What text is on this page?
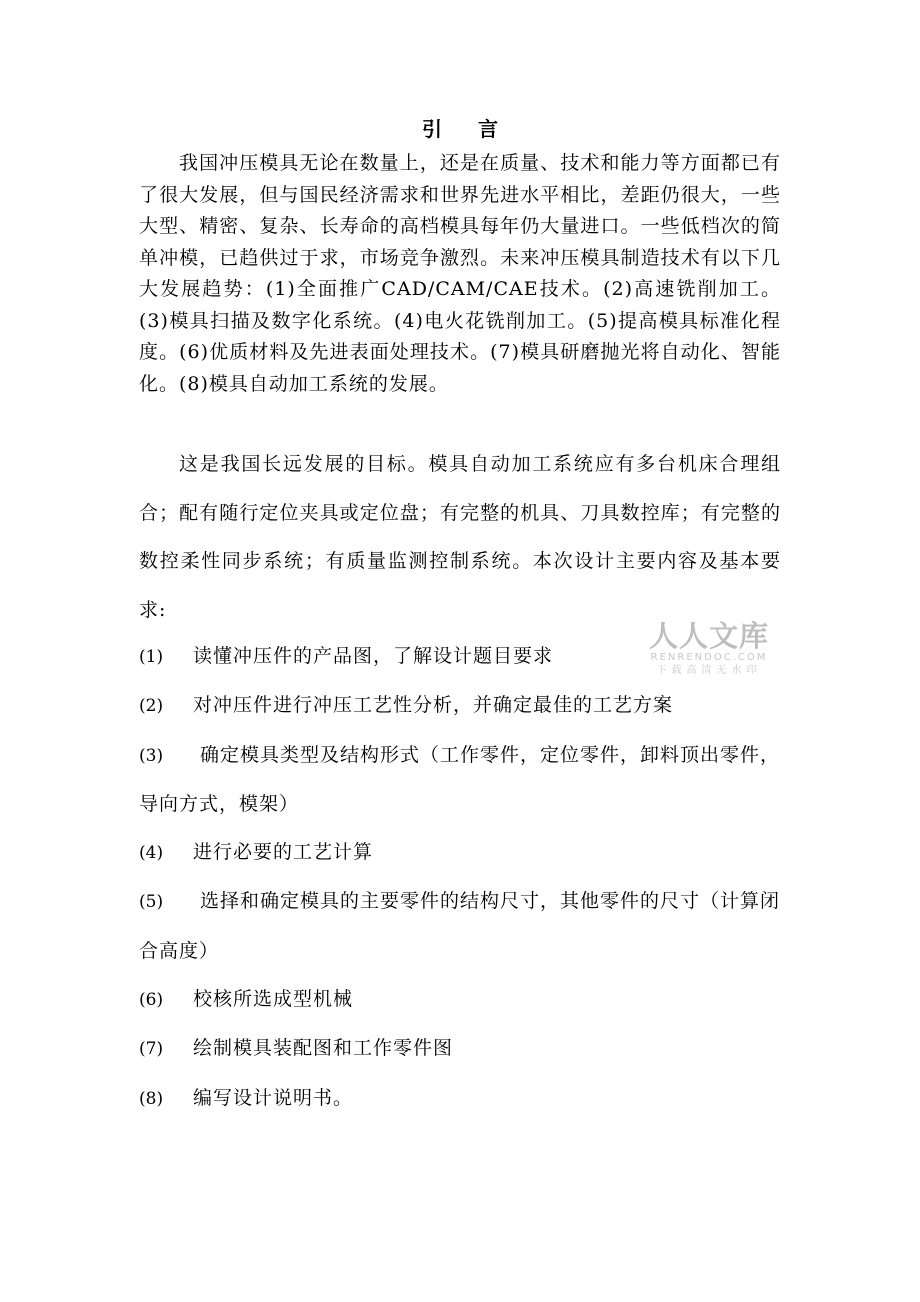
引 言

我国冲压模具无论在数量上，还是在质量、技术和能力等方面都已有了很大发展，但与国民经济需求和世界先进水平相比，差距仍很大，一些大型、精密、复杂、长寿命的高档模具每年仍大量进口。一些低档次的简单冲模，已趋供过于求，市场竞争激烈。未来冲压模具制造技术有以下几大发展趋势：(1)全面推广CAD/CAM/CAE技术。(2)高速铣削加工。(3)模具扫描及数字化系统。(4)电火花铣削加工。(5)提高模具标准化程度。(6)优质材料及先进表面处理技术。(7)模具研磨抛光将自动化、智能化。(8)模具自动加工系统的发展。

这是我国长远发展的目标。模具自动加工系统应有多台机床合理组合；配有随行定位夹具或定位盘；有完整的机具、刀具数控库；有完整的数控柔性同步系统；有质量监测控制系统。本次设计主要内容及基本要求:

(1) 读懂冲压件的产品图，了解设计题目要求
(2) 对冲压件进行冲压工艺性分析，并确定最佳的工艺方案
(3) 确定模具类型及结构形式（工作零件，定位零件，卸料顶出零件，导向方式，模架）
(4) 进行必要的工艺计算
(5) 选择和确定模具的主要零件的结构尺寸，其他零件的尺寸（计算闭合高度）
(6) 校核所选成型机械
(7) 绘制模具装配图和工作零件图
(8) 编写设计说明书。
人人文库
RENRENDOC.COM
下载高清无水印
